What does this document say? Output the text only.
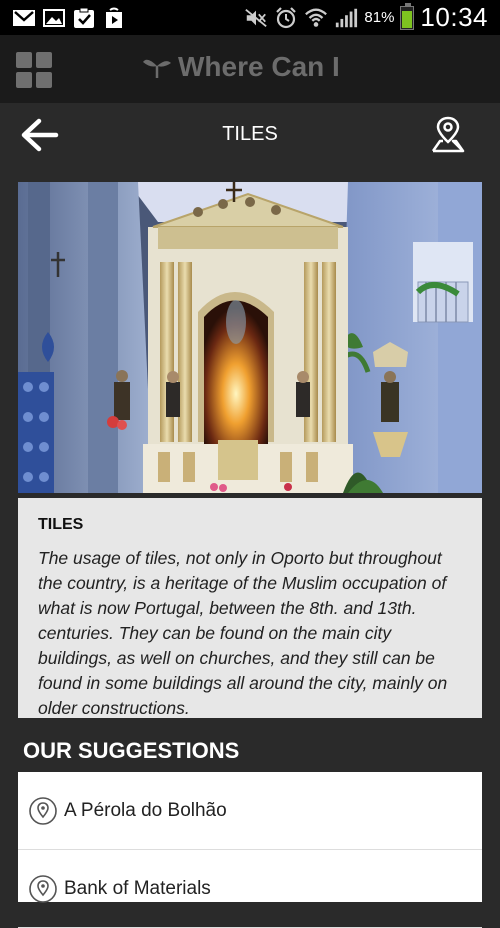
81% 10:34
Where Can I
TILES
TILES
The usage of tiles, not only in Oporto but throughout the country, is a heritage of the Muslim occupation of what is now Portugal, between the 8th. and 13th. centuries. They can be found on the main city buildings, as well on churches, and they still can be found in some buildings all around the city, mainly on older constructions.
OUR SUGGESTIONS
A Pérola do Bolhão
Bank of Materials
